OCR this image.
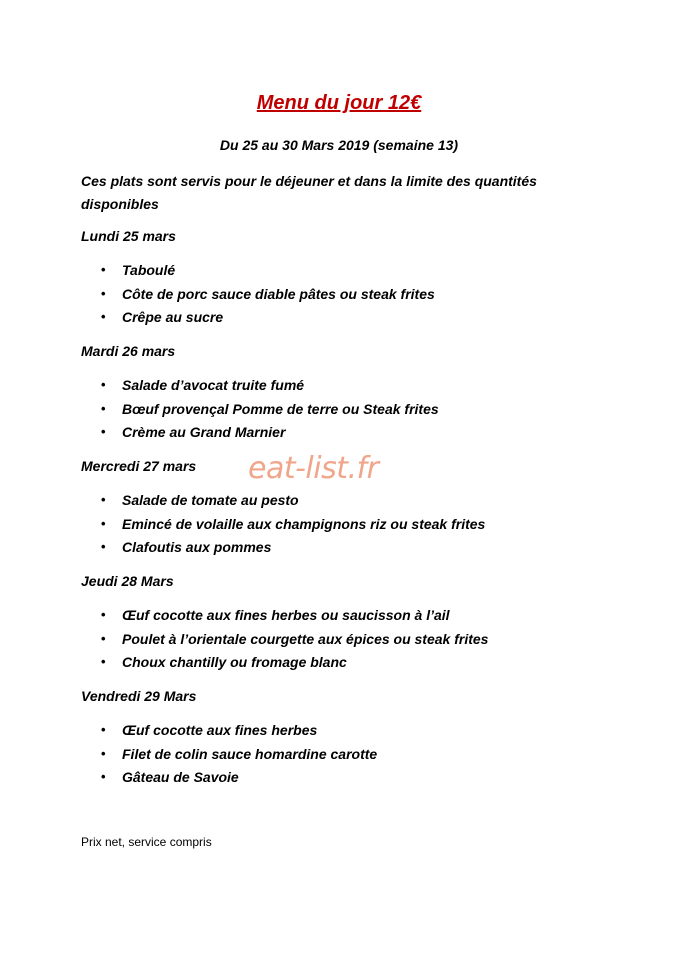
Menu du jour 12€
Du 25 au 30 Mars 2019 (semaine 13)
Ces plats sont servis pour le déjeuner et dans la limite des quantités
disponibles
Lundi 25 mars
• Taboulé
• Côte de porc sauce diable pâtes ou steak frites
• Crêpe au sucre
Mardi 26 mars
• Salade d’avocat truite fumé
• Bœuf provençal Pomme de terre ou Steak frites
• Crème au Grand Marnier
Mercredi 27 mars
• Salade de tomate au pesto
• Emincé de volaille aux champignons riz ou steak frites
• Clafoutis aux pommes
Jeudi 28 Mars
• Œuf cocotte aux fines herbes ou saucisson à l’ail
• Poulet à l’orientale courgette aux épices ou steak frites
• Choux chantilly ou fromage blanc
Vendredi 29 Mars
• Œuf cocotte aux fines herbes
• Filet de colin sauce homardine carotte
• Gâteau de Savoie
eat-list.fr
Prix net, service compris
